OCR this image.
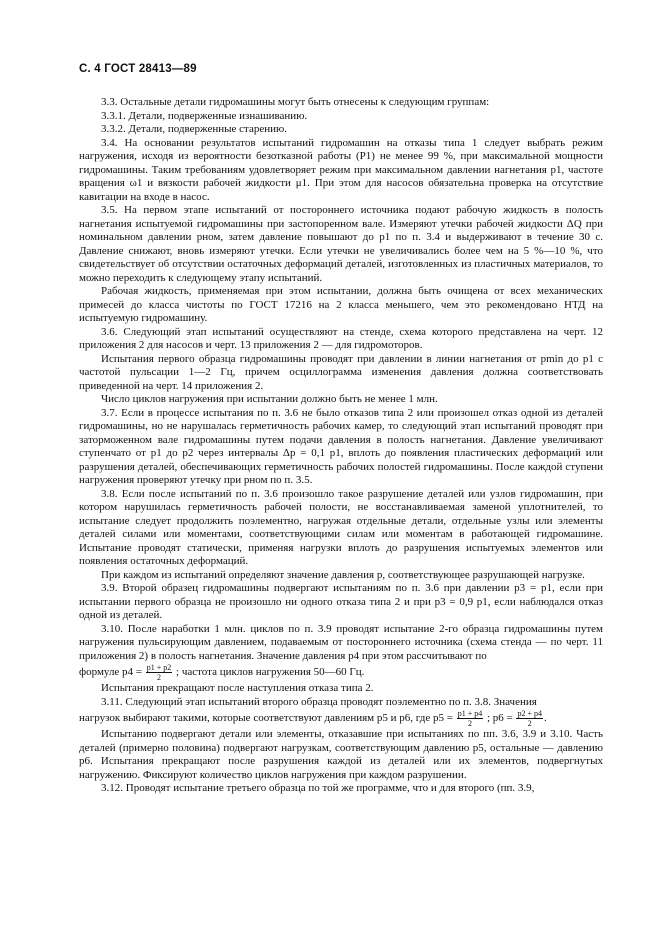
С. 4 ГОСТ 28413—89

3.3. Остальные детали гидромашины могут быть отнесены к следующим группам:

3.3.1. Детали, подверженные изнашиванию.

3.3.2. Детали, подверженные старению.

3.4. На основании результатов испытаний гидромашин на отказы типа 1 следует выбрать режим нагружения, исходя из вероятности безотказной работы (P1) не менее 99 %, при максимальной мощности гидромашины. Таким требованиям удовлетворяет режим при максимальном давлении нагнетания p1, частоте вращения ω1 и вязкости рабочей жидкости μ1. При этом для насосов обязательна проверка на отсутствие кавитации на входе в насос.

3.5. На первом этапе испытаний от постороннего источника подают рабочую жидкость в полость нагнетания испытуемой гидромашины при застопоренном вале. Измеряют утечки рабочей жидкости ΔQ при номинальном давлении pном, затем давление повышают до p1 по п. 3.4 и выдерживают в течение 30 с. Давление снижают, вновь измеряют утечки. Если утечки не увеличивались более чем на 5 %—10 %, что свидетельствует об отсутствии остаточных деформаций деталей, изготовленных из пластичных материалов, то можно переходить к следующему этапу испытаний.

Рабочая жидкость, применяемая при этом испытании, должна быть очищена от всех механических примесей до класса чистоты по ГОСТ 17216 на 2 класса меньшего, чем это рекомендовано НТД на испытуемую гидромашину.

3.6. Следующий этап испытаний осуществляют на стенде, схема которого представлена на черт. 12 приложения 2 для насосов и черт. 13 приложения 2 — для гидромоторов.

Испытания первого образца гидромашины проводят при давлении в линии нагнетания от pmin до p1 с частотой пульсации 1—2 Гц, причем осциллограмма изменения давления должна соответствовать приведенной на черт. 14 приложения 2.

Число циклов нагружения при испытании должно быть не менее 1 млн.

3.7. Если в процессе испытания по п. 3.6 не было отказов типа 2 или произошел отказ одной из деталей гидромашины, но не нарушалась герметичность рабочих камер, то следующий этап испытаний проводят при заторможенном вале гидромашины путем подачи давления в полость нагнетания. Давление увеличивают ступенчато от p1 до p2 через интервалы Δp = 0,1 p1, вплоть до появления пластических деформаций или разрушения деталей, обеспечивающих герметичность рабочих полостей гидромашины. После каждой ступени нагружения проверяют утечку при pном по п. 3.5.

3.8. Если после испытаний по п. 3.6 произошло такое разрушение деталей или узлов гидромашин, при котором нарушилась герметичность рабочей полости, не восстанавливаемая заменой уплотнителей, то испытание следует продолжить поэлементно, нагружая отдельные детали, отдельные узлы или элементы деталей силами или моментами, соответствующими силам или моментам в работающей гидромашине. Испытание проводят статически, применяя нагрузки вплоть до разрушения испытуемых элементов или появления остаточных деформаций.

При каждом из испытаний определяют значение давления p, соответствующее разрушающей нагрузке.

3.9. Второй образец гидромашины подвергают испытаниям по п. 3.6 при давлении p3 = p1, если при испытании первого образца не произошло ни одного отказа типа 2 и при p3 = 0,9 p1, если наблюдался отказ одной из деталей.

3.10. После наработки 1 млн. циклов по п. 3.9 проводят испытание 2-го образца гидромашины путем нагружения пульсирующим давлением, подаваемым от постороннего источника (схема стенда — по черт. 11 приложения 2) в полость нагнетания. Значение давления p4 при этом рассчитывают по

формуле $p4 = \frac{p1 + p2}{2}$ ; частота циклов нагружения 50—60 Гц.

Испытания прекращают после наступления отказа типа 2.

3.11. Следующий этап испытаний второго образца проводят поэлементно по п. 3.8. Значения

нагрузок выбирают такими, которые соответствуют давлениям p5 и p6, где $p5 = \frac{p1 + p4}{2}$ ; $p6 = \frac{p2 + p4}{2}$ .

Испытанию подвергают детали или элементы, отказавшие при испытаниях по пп. 3.6, 3.9 и 3.10. Часть деталей (примерно половина) подвергают нагрузкам, соответствующим давлению p5, остальные — давлению p6. Испытания прекращают после разрушения каждой из деталей или их элементов, подвергнутых нагружению. Фиксируют количество циклов нагружения при каждом разрушении.

3.12. Проводят испытание третьего образца по той же программе, что и для второго (пп. 3.9,
